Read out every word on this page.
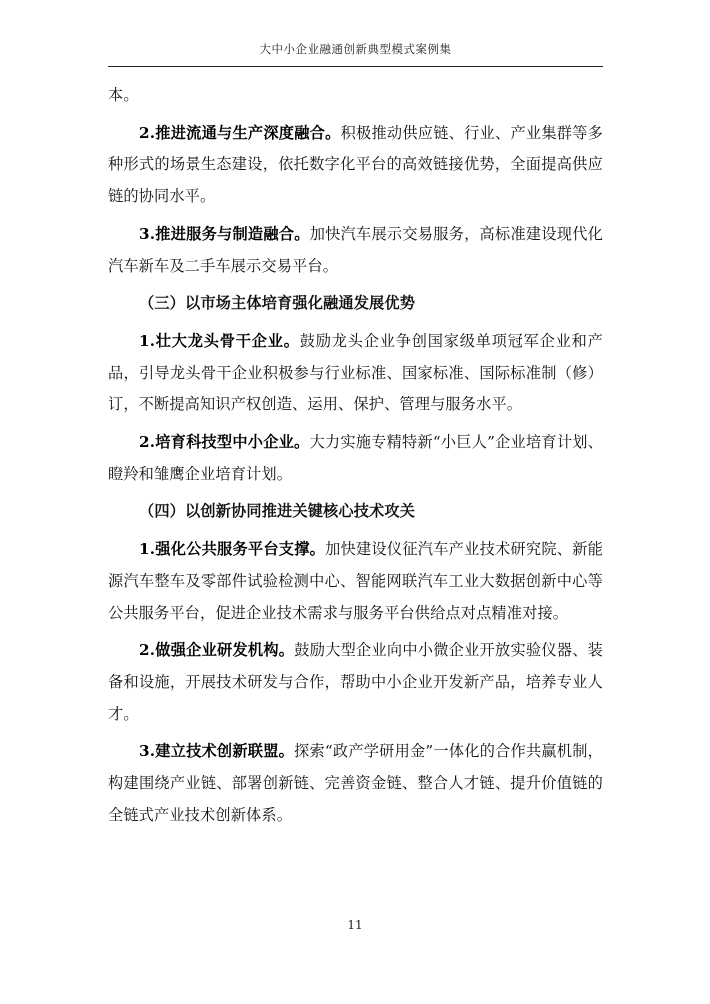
大中小企业融通创新典型模式案例集

本。

2.推进流通与生产深度融合。积极推动供应链、行业、产业集群等多种形式的场景生态建设，依托数字化平台的高效链接优势，全面提高供应链的协同水平。

3.推进服务与制造融合。加快汽车展示交易服务，高标准建设现代化汽车新车及二手车展示交易平台。

（三）以市场主体培育强化融通发展优势

1.壮大龙头骨干企业。鼓励龙头企业争创国家级单项冠军企业和产品，引导龙头骨干企业积极参与行业标准、国家标准、国际标准制（修）订，不断提高知识产权创造、运用、保护、管理与服务水平。

2.培育科技型中小企业。大力实施专精特新“小巨人”企业培育计划、瞪羚和雏鹰企业培育计划。

（四）以创新协同推进关键核心技术攻关

1.强化公共服务平台支撑。加快建设仪征汽车产业技术研究院、新能源汽车整车及零部件试验检测中心、智能网联汽车工业大数据创新中心等公共服务平台，促进企业技术需求与服务平台供给点对点精准对接。

2.做强企业研发机构。鼓励大型企业向中小微企业开放实验仪器、装备和设施，开展技术研发与合作，帮助中小企业开发新产品，培养专业人才。

3.建立技术创新联盟。探索“政产学研用金”一体化的合作共赢机制，构建围绕产业链、部署创新链、完善资金链、整合人才链、提升价值链的全链式产业技术创新体系。

11
